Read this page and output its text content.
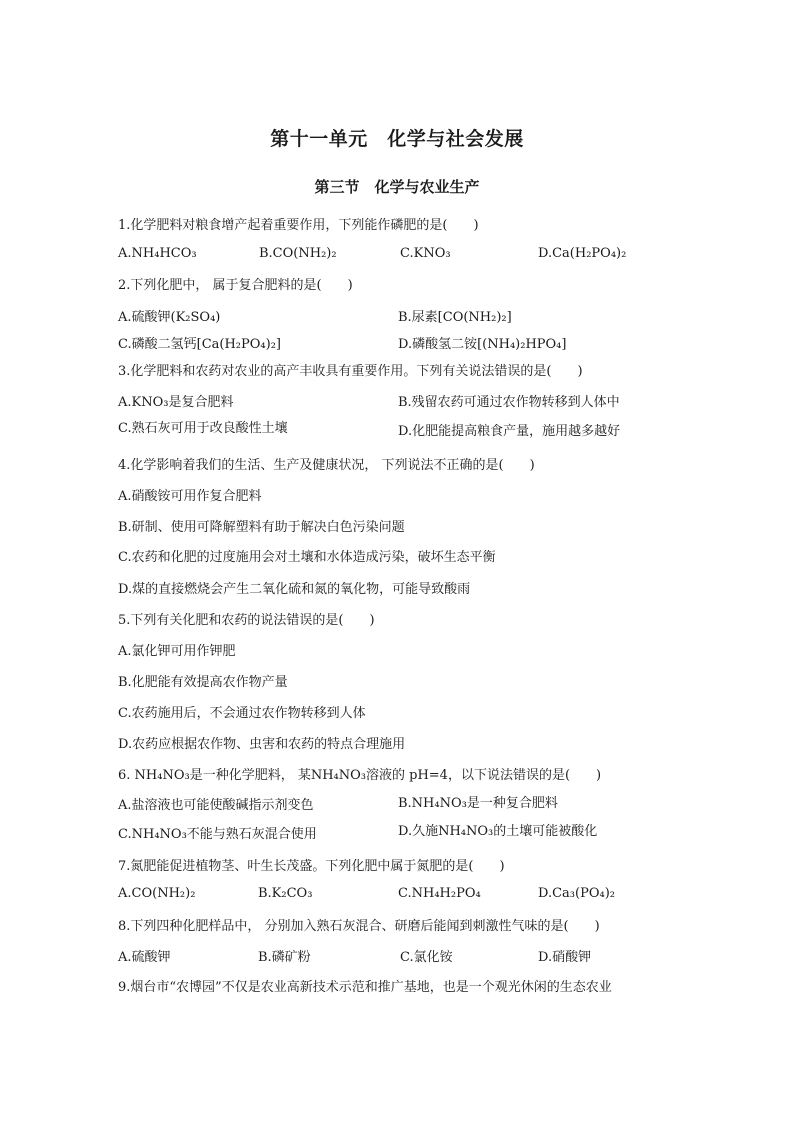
第十一单元　化学与社会发展
第三节　化学与农业生产
1.化学肥料对粮食增产起着重要作用，下列能作磷肥的是(　　)
A.NH₄HCO₃	B.CO(NH₂)₂	C.KNO₃	D.Ca(H₂PO₄)₂
2.下列化肥中， 属于复合肥料的是(　　)
A.硫酸钾(K₂SO₄)	B.尿素[CO(NH₂)₂]
C.磷酸二氢钙[Ca(H₂PO₄)₂]	D.磷酸氢二铵[(NH₄)₂HPO₄]
3.化学肥料和农药对农业的高产丰收具有重要作用。下列有关说法错误的是(　　)
A.KNO₃是复合肥料	B.残留农药可通过农作物转移到人体中
C.熟石灰可用于改良酸性土壤	D.化肥能提高粮食产量，施用越多越好
4.化学影响着我们的生活、生产及健康状况， 下列说法不正确的是(　　)
A.硝酸铵可用作复合肥料
B.研制、使用可降解塑料有助于解决白色污染问题
C.农药和化肥的过度施用会对土壤和水体造成污染，破坏生态平衡
D.煤的直接燃烧会产生二氧化硫和氮的氧化物，可能导致酸雨
5.下列有关化肥和农药的说法错误的是(　　)
A.氯化钾可用作钾肥
B.化肥能有效提高农作物产量
C.农药施用后，不会通过农作物转移到人体
D.农药应根据农作物、虫害和农药的特点合理施用
6. NH₄NO₃是一种化学肥料， 某NH₄NO₃溶液的 pH=4，以下说法错误的是(　　)
A.盐溶液也可能使酸碱指示剂变色	B.NH₄NO₃是一种复合肥料
C.NH₄NO₃不能与熟石灰混合使用	D.久施NH₄NO₃的土壤可能被酸化
7.氮肥能促进植物茎、叶生长茂盛。下列化肥中属于氮肥的是(　　)
A.CO(NH₂)₂	B.K₂CO₃	C.NH₄H₂PO₄	D.Ca₃(PO₄)₂
8.下列四种化肥样品中， 分别加入熟石灰混合、研磨后能闻到刺激性气味的是(　　)
A.硫酸钾	B.磷矿粉	C.氯化铵	D.硝酸钾
9.烟台市“农博园”不仅是农业高新技术示范和推广基地，也是一个观光休闲的生态农业
